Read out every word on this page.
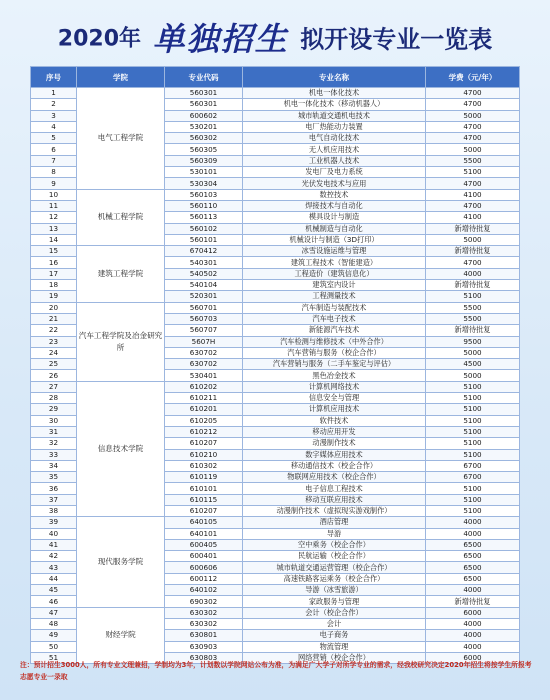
2020年 单独招生 拟开设专业一览表
序号	学院	专业代码	专业名称	学费（元/年）
1	电气工程学院	560301	机电一体化技术	4700
2		560301	机电一体化技术（移动机器人）	4700
3		600602	城市轨道交通机电技术	5000
4		530201	电厂热能动力装置	4700
5		560302	电气自动化技术	4700
6		560305	无人机应用技术	5000
7		560309	工业机器人技术	5500
8		530101	发电厂及电力系统	5100
9		530304	光伏发电技术与应用	4700
10	机械工程学院	560103	数控技术	4100
11		560110	焊接技术与自动化	4700
12		560113	模具设计与制造	4100
13		560102	机械制造与自动化	新增待批复
14		560101	机械设计与制造（3D打印）	5000
15	建筑工程学院	670412	冰雪设施运维与管理	新增待批复
16		540301	建筑工程技术（智能建造）	4700
17		540502	工程造价（建筑信息化）	4000
18		540104	建筑室内设计	新增待批复
19		520301	工程测量技术	5100
20	汽车工程学院及冶金研究所	560701	汽车制造与装配技术	5500
21		560703	汽车电子技术	5500
22		560707	新能源汽车技术	新增待批复
23		5607H	汽车检测与维修技术（中外合作）	9500
24		630702	汽车营销与服务（校企合作）	5000
25		630702	汽车营销与服务（二手车鉴定与评估）	4500
26		530401	黑色冶金技术	5000
27	信息技术学院	610202	计算机网络技术	5100
28		610211	信息安全与管理	5100
29		610201	计算机应用技术	5100
30		610205	软件技术	5100
31		610212	移动应用开发	5100
32		610207	动漫制作技术	5100
33		610210	数字媒体应用技术	5100
34		610302	移动通信技术（校企合作）	6700
35		610119	物联网应用技术（校企合作）	6700
36		610101	电子信息工程技术	5100
37		610115	移动互联应用技术	5100
38		610207	动漫制作技术（虚拟现实游戏制作）	5100
39	现代服务学院	640105	酒店管理	4000
40		640101	导游	4000
41		600405	空中乘务（校企合作）	6500
42		600401	民航运输（校企合作）	6500
43		600606	城市轨道交通运营管理（校企合作）	6500
44		600112	高速铁路客运乘务（校企合作）	6500
45		640102	导游（冰雪旅游）	4000
46		690302	家政服务与管理	新增待批复
47	财经学院	630302	会计（校企合作）	6000
48		630302	会计	4000
49		630801	电子商务	4000
50		630903	物流管理	4000
51		630803	网络营销（校企合作）	6000
注：预计招生3000人，所有专业文理兼招，学制均为3年，计划数以学院网站公布为准，为满足广大学子对所学专业的需求，经我校研究决定2020年招生将按学生所报考志愿专业一录取
